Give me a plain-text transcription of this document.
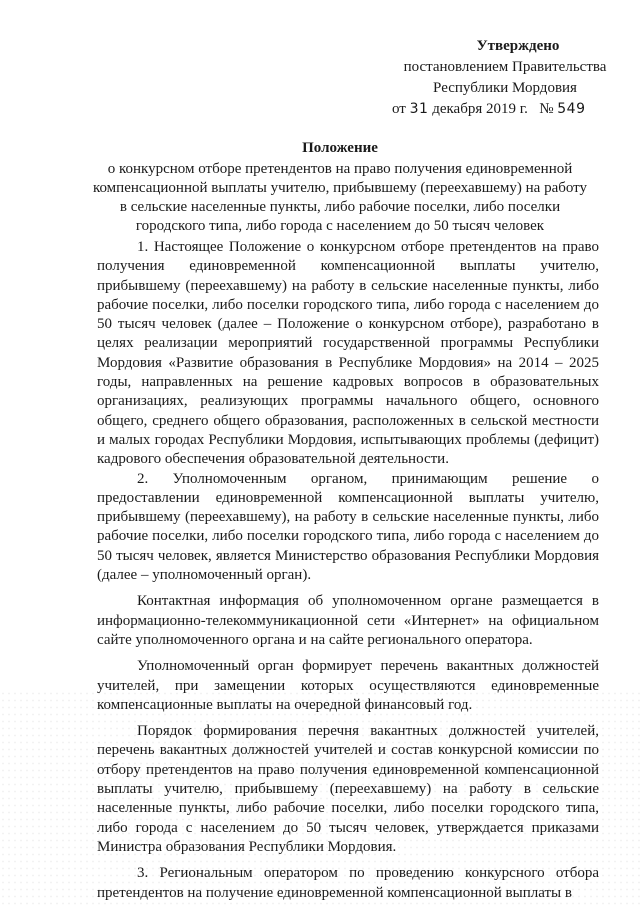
Утверждено
постановлением Правительства
Республики Мордовия
от 31 декабря 2019 г. № 549
Положение
о конкурсном отборе претендентов на право получения единовременной
компенсационной выплаты учителю, прибывшему (переехавшему) на работу
в сельские населенные пункты, либо рабочие поселки, либо поселки
городского типа, либо города с населением до 50 тысяч человек

1. Настоящее Положение о конкурсном отборе претендентов на право получения единовременной компенсационной выплаты учителю, прибывшему (переехавшему) на работу в сельские населенные пункты, либо рабочие поселки, либо поселки городского типа, либо города с населением до 50 тысяч человек (далее – Положение о конкурсном отборе), разработано в целях реализации мероприятий государственной программы Республики Мордовия «Развитие образования в Республике Мордовия» на 2014 – 2025 годы, направленных на решение кадровых вопросов в образовательных организациях, реализующих программы начального общего, основного общего, среднего общего образования, расположенных в сельской местности и малых городах Республики Мордовия, испытывающих проблемы (дефицит) кадрового обеспечения образовательной деятельности.

2. Уполномоченным органом, принимающим решение о предоставлении единовременной компенсационной выплаты учителю, прибывшему (переехавшему), на работу в сельские населенные пункты, либо рабочие поселки, либо поселки городского типа, либо города с населением до 50 тысяч человек, является Министерство образования Республики Мордовия (далее – уполномоченный орган).

Контактная информация об уполномоченном органе размещается в информационно-телекоммуникационной сети «Интернет» на официальном сайте уполномоченного органа и на сайте регионального оператора.

Уполномоченный орган формирует перечень вакантных должностей учителей, при замещении которых осуществляются единовременные компенсационные выплаты на очередной финансовый год.

Порядок формирования перечня вакантных должностей учителей, перечень вакантных должностей учителей и состав конкурсной комиссии по отбору претендентов на право получения единовременной компенсационной выплаты учителю, прибывшему (переехавшему) на работу в сельские населенные пункты, либо рабочие поселки, либо поселки городского типа, либо города с населением до 50 тысяч человек, утверждается приказами Министра образования Республики Мордовия.

3. Региональным оператором по проведению конкурсного отбора претендентов на получение единовременной компенсационной выплаты в
